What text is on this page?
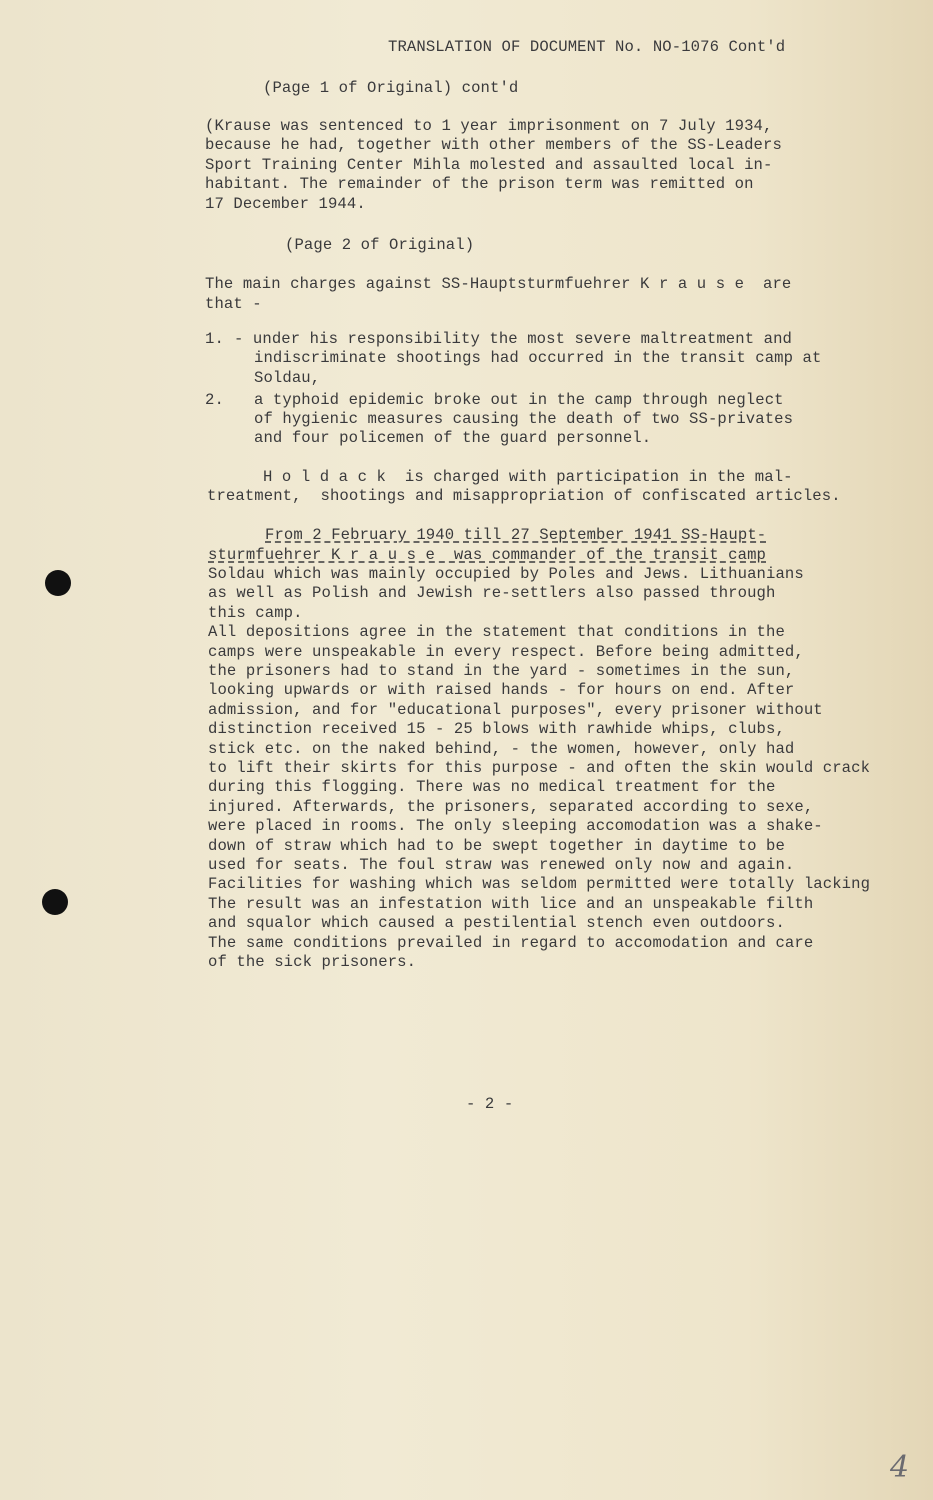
TRANSLATION OF DOCUMENT No. NO-1076 Cont'd
(Page 1 of Original) cont'd
(Krause was sentenced to 1 year imprisonment on 7 July 1934,
because he had, together with other members of the SS-Leaders
Sport Training Center Mihla molested and assaulted local in-
habitant. The remainder of the prison term was remitted on
17 December 1944.
(Page 2 of Original)
The main charges against SS-Hauptsturmfuehrer K r a u s e  are
that -
1. - under his responsibility the most severe maltreatment and
indiscriminate shootings had occurred in the transit camp at
Soldau,
2. a typhoid epidemic broke out in the camp through neglect
of hygienic measures causing the death of two SS-privates
and four policemen of the guard personnel.
H o l d a c k  is charged with participation in the mal-
treatment,  shootings and misappropriation of confiscated articles.
From 2 February 1940 till 27 September 1941 SS-Haupt-
sturmfuehrer K r a u s e  was commander of the transit camp
Soldau which was mainly occupied by Poles and Jews. Lithuanians
as well as Polish and Jewish re-settlers also passed through
this camp.
All depositions agree in the statement that conditions in the
camps were unspeakable in every respect. Before being admitted,
the prisoners had to stand in the yard - sometimes in the sun,
looking upwards or with raised hands - for hours on end. After
admission, and for "educational purposes", every prisoner without
distinction received 15 - 25 blows with rawhide whips, clubs,
stick etc. on the naked behind, - the women, however, only had
to lift their skirts for this purpose - and often the skin would crack
during this flogging. There was no medical treatment for the
injured. Afterwards, the prisoners, separated according to sexe,
were placed in rooms. The only sleeping accomodation was a shake-
down of straw which had to be swept together in daytime to be
used for seats. The foul straw was renewed only now and again.
Facilities for washing which was seldom permitted were totally lacking
The result was an infestation with lice and an unspeakable filth
and squalor which caused a pestilential stench even outdoors.
The same conditions prevailed in regard to accomodation and care
of the sick prisoners.
- 2 -
4
